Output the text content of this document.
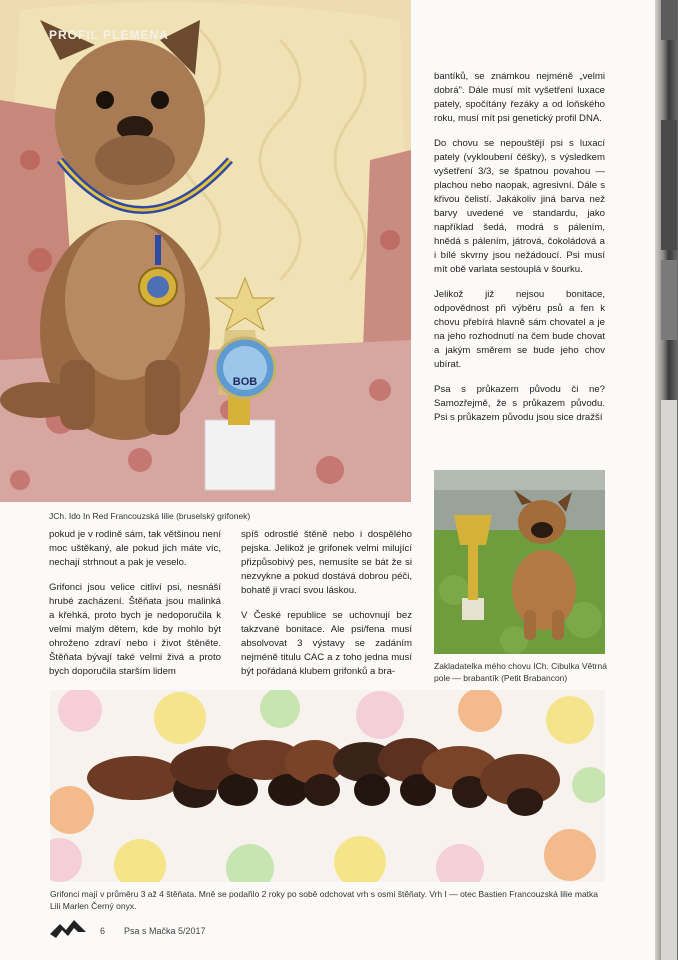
BOB
PROFIL PLEMENA
JCh. Ido In Red Francouzská lilie (bruselský grifonek)

bantíků, se známkou nejméně „velmi dobrá". Dále musí mít vyšetření luxace pately, spočítány řezáky a od loňského roku, musí mít psi genetický profil DNA.

Do chovu se nepouštějí psi s luxací pately (vykloubení čéšky), s výsledkem vyšetření 3/3, se špatnou povahou — plachou nebo naopak, agresivní. Dále s křivou čelistí. Jakákoliv jiná barva než barvy uvedené ve standardu, jako například šedá, modrá s pálením, hnědá s pálením, játrová, čokoládová a i bílé skvrny jsou nežádoucí. Psi musí mít obě varlata sestouplá v šourku.

Jelikož již nejsou bonitace, odpovědnost při výběru psů a fen k chovu přebírá hlavně sám chovatel a je na jeho rozhodnutí na čem bude chovat a jakým směrem se bude jeho chov ubírat.

Psa s průkazem původu či ne? Samozřejmě, že s průkazem původu. Psi s průkazem původu jsou sice dražší

pokud je v rodině sám, tak většinou není moc uštěkaný, ale pokud jich máte víc, nechají strhnout a pak je veselo.

Grifonci jsou velice citliví psi, nesnáší hrubé zacházení. Štěňata jsou malinká a křehká, proto bych je nedoporučila k velmi malým dětem, kde by mohlo být ohroženo zdraví nebo i život štěněte. Štěňata bývají také velmi živá a proto bych doporučila starším lidem

spíš odrostlé štěně nebo i dospělého pejska. Jelikož je grifonek velmi milující přizpůsobivý pes, nemusíte se bát že si nezvykne a pokud dostává dobrou péči, bohatě ji vrací svou láskou.

V České republice se uchovnují bez takzvané bonitace. Ale psi/fena musí absolvovat 3 výstavy se zadáním nejméně titulu CAC a z toho jedna musí být pořádaná klubem grifonků a bra-	Zakladatelka mého chovu ICh. Cibulka Větrná pole — brabantík (Petit Brabancon)
Grifonci mají v průměru 3 až 4 štěňata. Mně se podařilo 2 roky po sobě odchovat vrh s osmi štěňaty. Vrh I — otec Bastien Francouzská lilie matka Lili Marlen Černý onyx.
6 Psa s Mačka 5/2017
